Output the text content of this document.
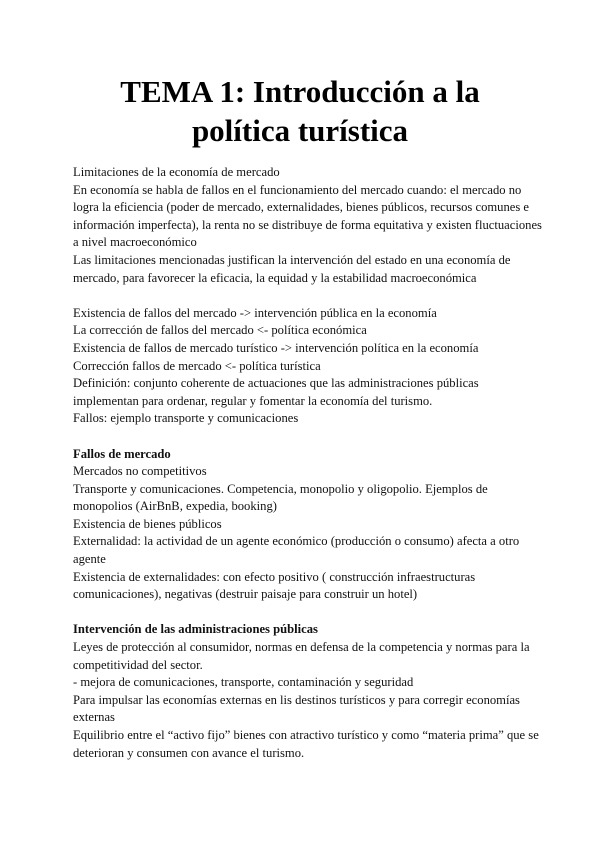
TEMA 1: Introducción a la
política turística

Limitaciones de la economía de mercado

En economía se habla de fallos en el funcionamiento del mercado cuando: el mercado no logra la eficiencia (poder de mercado, externalidades, bienes públicos, recursos comunes e información imperfecta), la renta no se distribuye de forma equitativa y existen fluctuaciones a nivel macroeconómico

Las limitaciones mencionadas justifican la intervención del estado en una economía de mercado, para favorecer la eficacia, la equidad y la estabilidad macroeconómica

Existencia de fallos del mercado -> intervención pública en la economía

La corrección de fallos del mercado <- política económica

Existencia de fallos de mercado turístico -> intervención política en la economía

Corrección fallos de mercado <- política turística

Definición: conjunto coherente de actuaciones que las administraciones públicas implementan para ordenar, regular y fomentar la economía del turismo.

Fallos: ejemplo transporte y comunicaciones

Fallos de mercado

Mercados no competitivos

Transporte y comunicaciones. Competencia, monopolio y oligopolio. Ejemplos de monopolios (AirBnB, expedia, booking)

Existencia de bienes públicos

Externalidad: la actividad de un agente económico (producción o consumo) afecta a otro agente

Existencia de externalidades: con efecto positivo ( construcción infraestructuras comunicaciones), negativas (destruir paisaje para construir un hotel)

Intervención de las administraciones públicas

Leyes de protección al consumidor, normas en defensa de la competencia y normas para la competitividad del sector.

- mejora de comunicaciones, transporte, contaminación y seguridad

Para impulsar las economías externas en lis destinos turísticos y para corregir economías externas

Equilibrio entre el “activo fijo” bienes con atractivo turístico y como “materia prima” que se deterioran y consumen con avance el turismo.
